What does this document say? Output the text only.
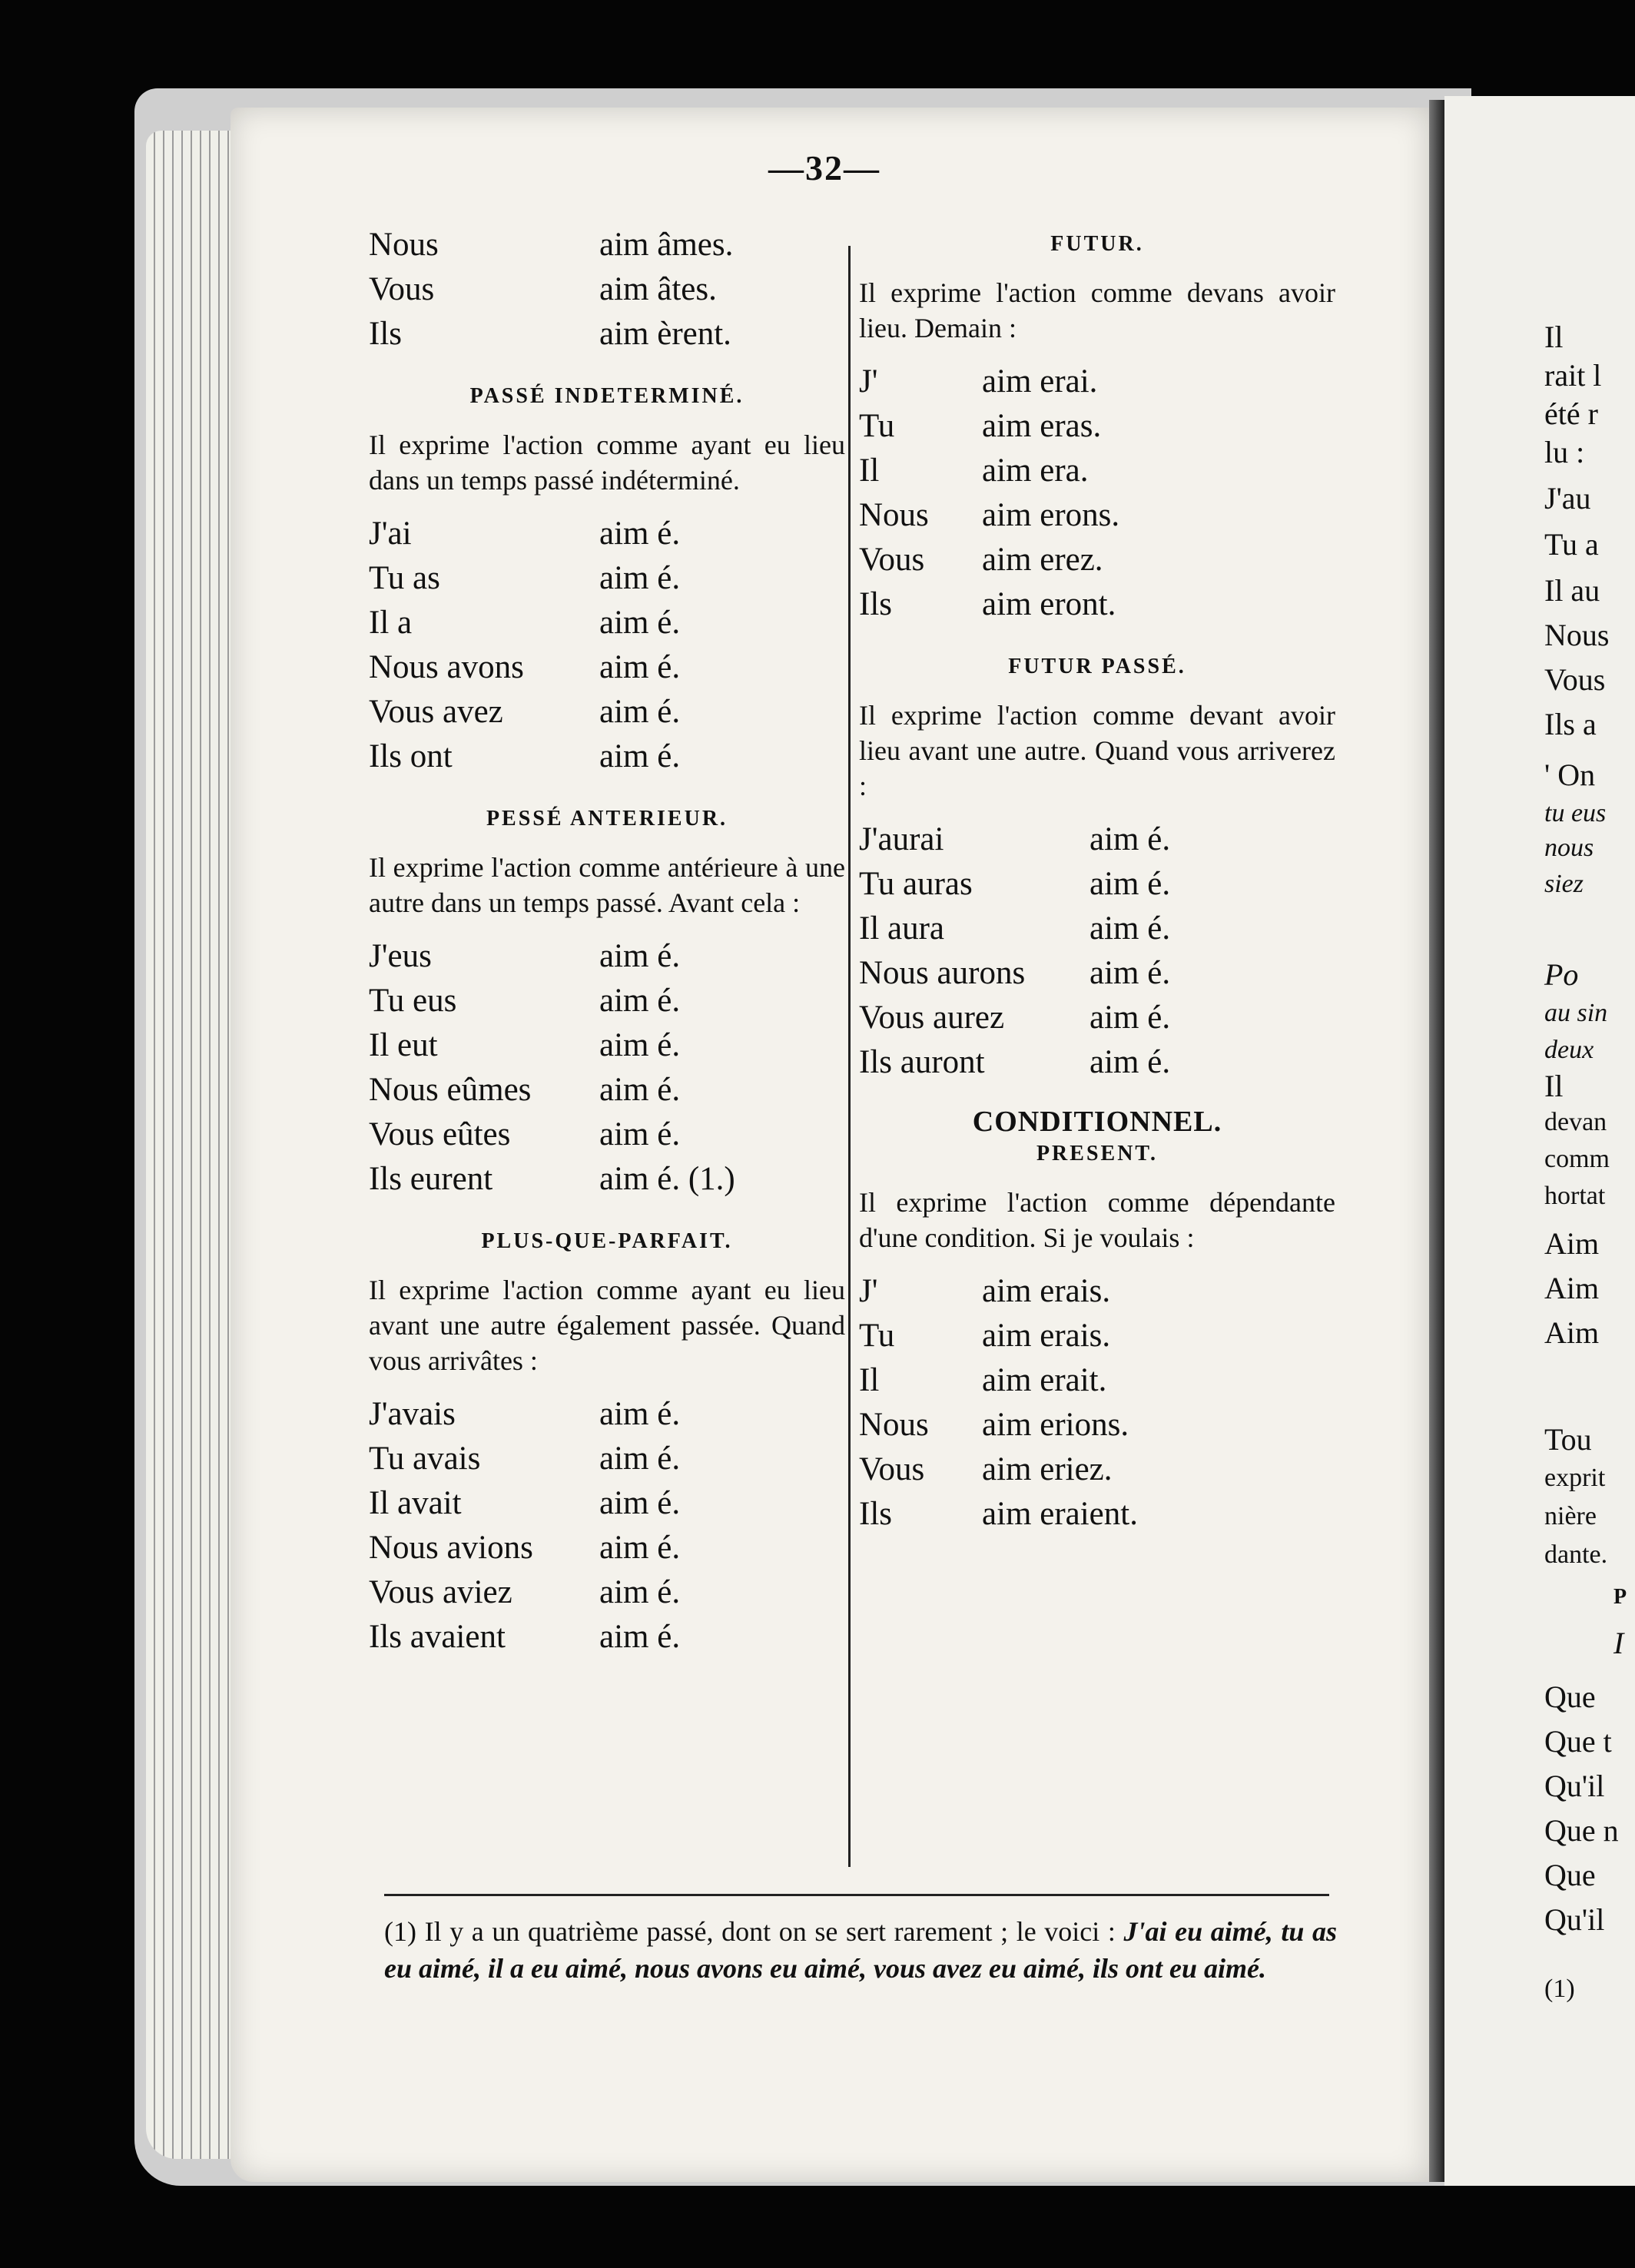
—32—
Nous	aim âmes.
Vous	aim âtes.
Ils	aim èrent.
PASSÉ INDETERMINÉ.
Il exprime l'action comme ayant eu lieu dans un temps passé indéterminé.
J'ai	aim é.
Tu as	aim é.
Il a	aim é.
Nous avons	aim é.
Vous avez	aim é.
Ils ont	aim é.
PESSÉ ANTERIEUR.
Il exprime l'action comme antérieure à une autre dans un temps passé. Avant cela :
J'eus	aim é.
Tu eus	aim é.
Il eut	aim é.
Nous eûmes	aim é.
Vous eûtes	aim é.
Ils eurent	aim é. (1.)
PLUS-QUE-PARFAIT.
Il exprime l'action comme ayant eu lieu avant une autre également passée. Quand vous arrivâtes :
J'avais	aim é.
Tu avais	aim é.
Il avait	aim é.
Nous avions	aim é.
Vous aviez	aim é.
Ils avaient	aim é.
FUTUR.
Il exprime l'action comme devans avoir lieu. Demain :
J'	aim erai.
Tu	aim eras.
Il	aim era.
Nous	aim erons.
Vous	aim erez.
Ils	aim eront.
FUTUR PASSÉ.
Il exprime l'action comme devant avoir lieu avant une autre. Quand vous arriverez :
J'aurai	aim é.
Tu auras	aim é.
Il aura	aim é.
Nous aurons	aim é.
Vous aurez	aim é.
Ils auront	aim é.
CONDITIONNEL.
PRESENT.
Il exprime l'action comme dépendante d'une condition. Si je voulais :
J'	aim erais.
Tu	aim erais.
Il	aim erait.
Nous	aim erions.
Vous	aim eriez.
Ils	aim eraient.
(1) Il y a un quatrième passé, dont on se sert rarement ; le voici : J'ai eu aimé, tu as eu aimé, il a eu aimé, nous avons eu aimé, vous avez eu aimé, ils ont eu aimé.
Il
rait l
été r
lu :
J'au
Tu a
Il au
Nous
Vous
Ils a
' On
tu eus
nous
siez
Po
au sin
deux
Il
devan
comm
hortat
Aim
Aim
Aim
Tou
exprit
nière
dante.
P
I
Que
Que t
Qu'il
Que n
Que
Qu'il
(1)
